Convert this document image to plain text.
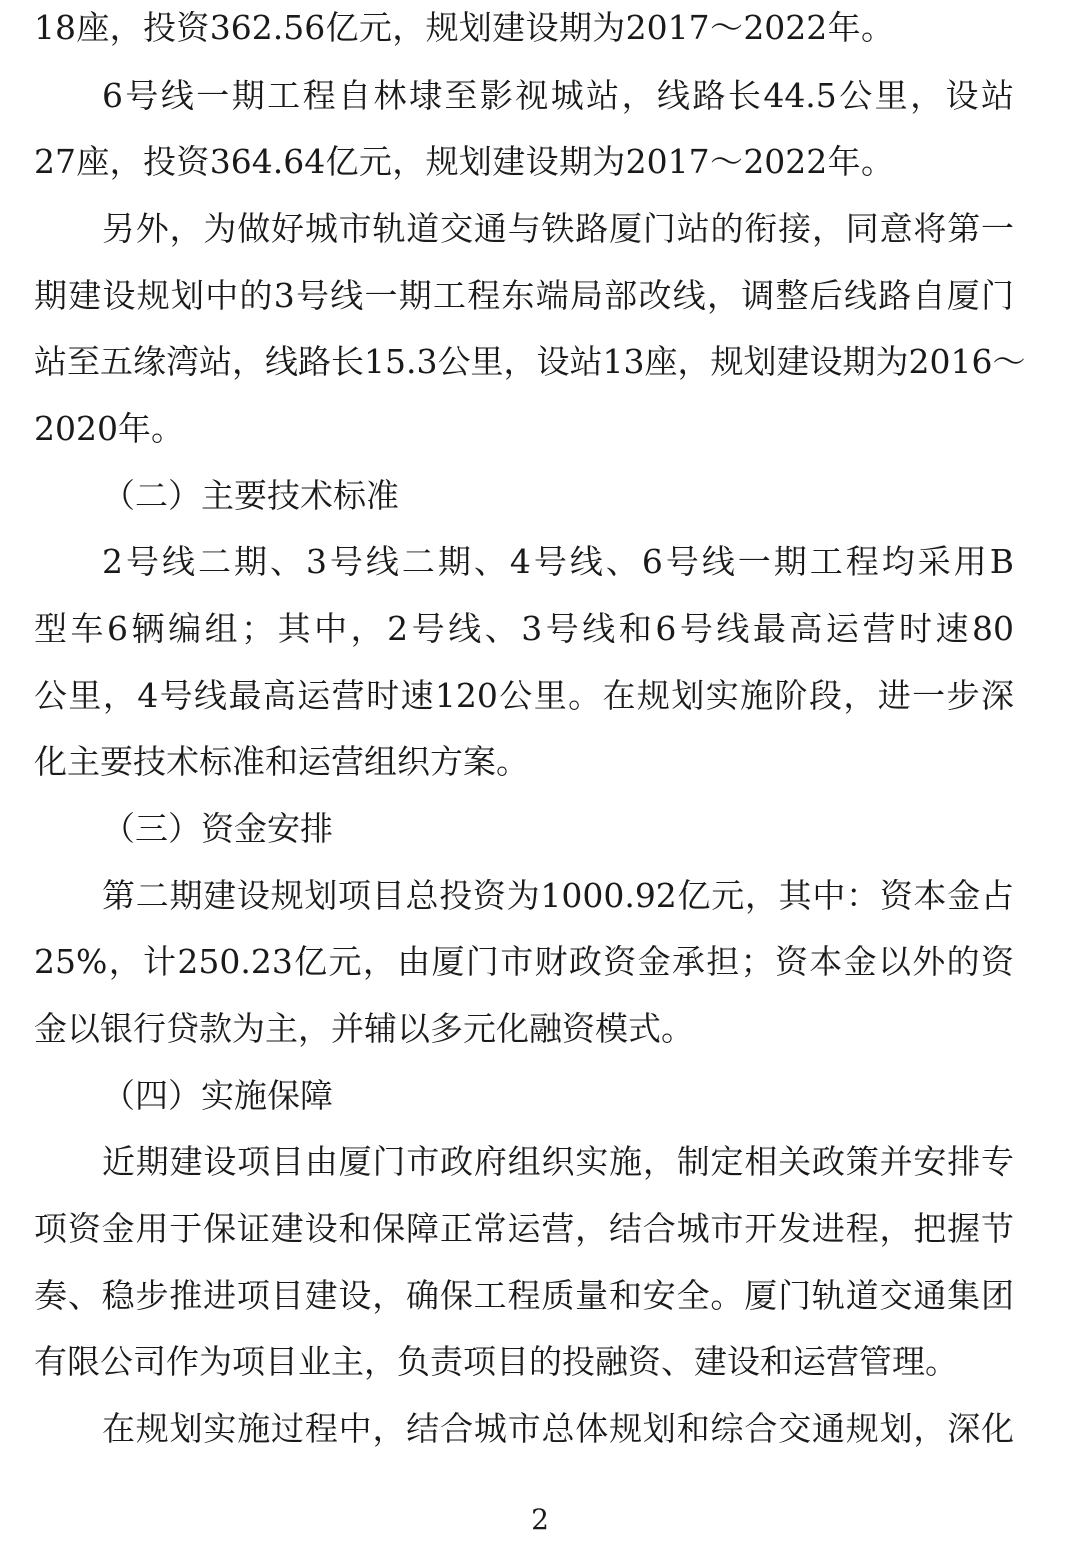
18座，投资362.56亿元，规划建设期为2017～2022年。
6号线一期工程自林埭至影视城站，线路长44.5公里，设站
27座，投资364.64亿元，规划建设期为2017～2022年。
另外，为做好城市轨道交通与铁路厦门站的衔接，同意将第一
期建设规划中的3号线一期工程东端局部改线，调整后线路自厦门
站至五缘湾站，线路长15.3公里，设站13座，规划建设期为2016～
2020年。
（二）主要技术标准
2号线二期、3号线二期、4号线、6号线一期工程均采用B
型车6辆编组；其中，2号线、3号线和6号线最高运营时速80
公里，4号线最高运营时速120公里。在规划实施阶段，进一步深
化主要技术标准和运营组织方案。
（三）资金安排
第二期建设规划项目总投资为1000.92亿元，其中：资本金占
25%，计250.23亿元，由厦门市财政资金承担；资本金以外的资
金以银行贷款为主，并辅以多元化融资模式。
（四）实施保障
近期建设项目由厦门市政府组织实施，制定相关政策并安排专
项资金用于保证建设和保障正常运营，结合城市开发进程，把握节
奏、稳步推进项目建设，确保工程质量和安全。厦门轨道交通集团
有限公司作为项目业主，负责项目的投融资、建设和运营管理。
在规划实施过程中，结合城市总体规划和综合交通规划，深化
2
